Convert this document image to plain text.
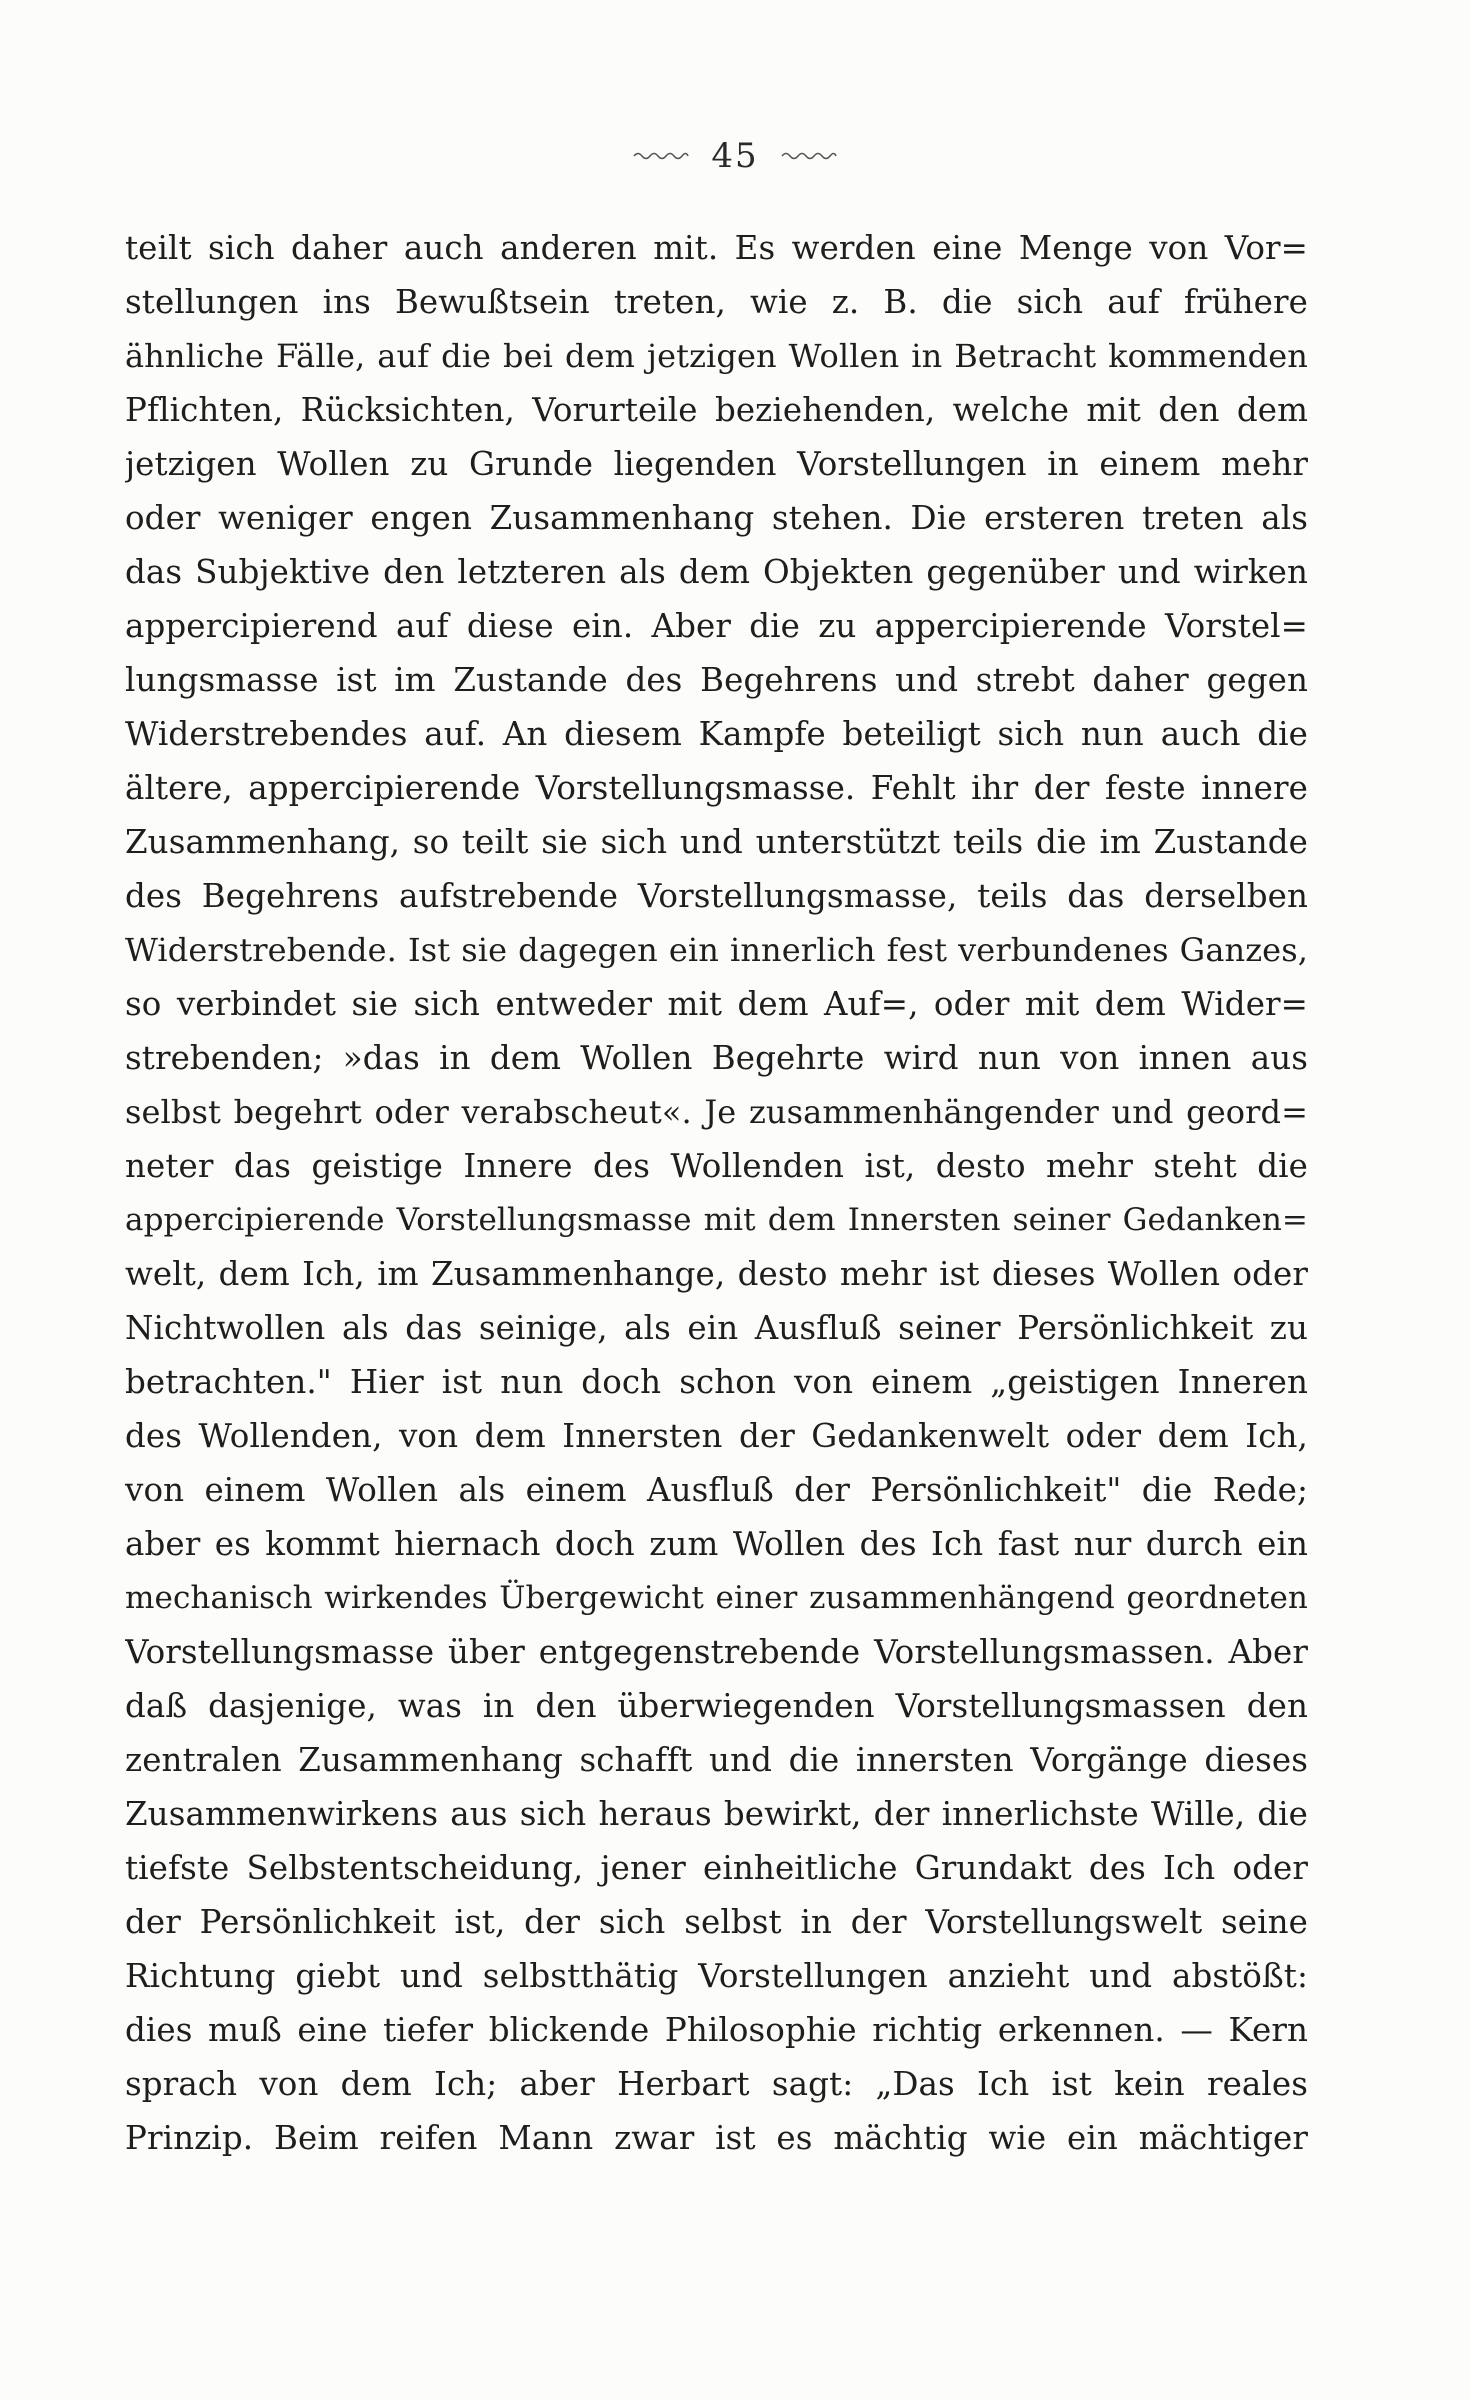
45
teilt sich daher auch anderen mit. Es werden eine Menge von Vor=
stellungen ins Bewußtsein treten, wie z. B. die sich auf frühere
ähnliche Fälle, auf die bei dem jetzigen Wollen in Betracht kommenden
Pflichten, Rücksichten, Vorurteile beziehenden, welche mit den dem
jetzigen Wollen zu Grunde liegenden Vorstellungen in einem mehr
oder weniger engen Zusammenhang stehen. Die ersteren treten als
das Subjektive den letzteren als dem Objekten gegenüber und wirken
appercipierend auf diese ein. Aber die zu appercipierende Vorstel=
lungsmasse ist im Zustande des Begehrens und strebt daher gegen
Widerstrebendes auf. An diesem Kampfe beteiligt sich nun auch die
ältere, appercipierende Vorstellungsmasse. Fehlt ihr der feste innere
Zusammenhang, so teilt sie sich und unterstützt teils die im Zustande
des Begehrens aufstrebende Vorstellungsmasse, teils das derselben
Widerstrebende. Ist sie dagegen ein innerlich fest verbundenes Ganzes,
so verbindet sie sich entweder mit dem Auf=, oder mit dem Wider=
strebenden; »das in dem Wollen Begehrte wird nun von innen aus
selbst begehrt oder verabscheut«. Je zusammenhängender und geord=
neter das geistige Innere des Wollenden ist, desto mehr steht die
appercipierende Vorstellungsmasse mit dem Innersten seiner Gedanken=
welt, dem Ich, im Zusammenhange, desto mehr ist dieses Wollen oder
Nichtwollen als das seinige, als ein Ausfluß seiner Persönlichkeit zu
betrachten." Hier ist nun doch schon von einem „geistigen Inneren
des Wollenden, von dem Innersten der Gedankenwelt oder dem Ich,
von einem Wollen als einem Ausfluß der Persönlichkeit" die Rede;
aber es kommt hiernach doch zum Wollen des Ich fast nur durch ein
mechanisch wirkendes Übergewicht einer zusammenhängend geordneten
Vorstellungsmasse über entgegenstrebende Vorstellungsmassen. Aber
daß dasjenige, was in den überwiegenden Vorstellungsmassen den
zentralen Zusammenhang schafft und die innersten Vorgänge dieses
Zusammenwirkens aus sich heraus bewirkt, der innerlichste Wille, die
tiefste Selbstentscheidung, jener einheitliche Grundakt des Ich oder
der Persönlichkeit ist, der sich selbst in der Vorstellungswelt seine
Richtung giebt und selbstthätig Vorstellungen anzieht und abstößt:
dies muß eine tiefer blickende Philosophie richtig erkennen. — Kern
sprach von dem Ich; aber Herbart sagt: „Das Ich ist kein reales
Prinzip. Beim reifen Mann zwar ist es mächtig wie ein mächtiger
